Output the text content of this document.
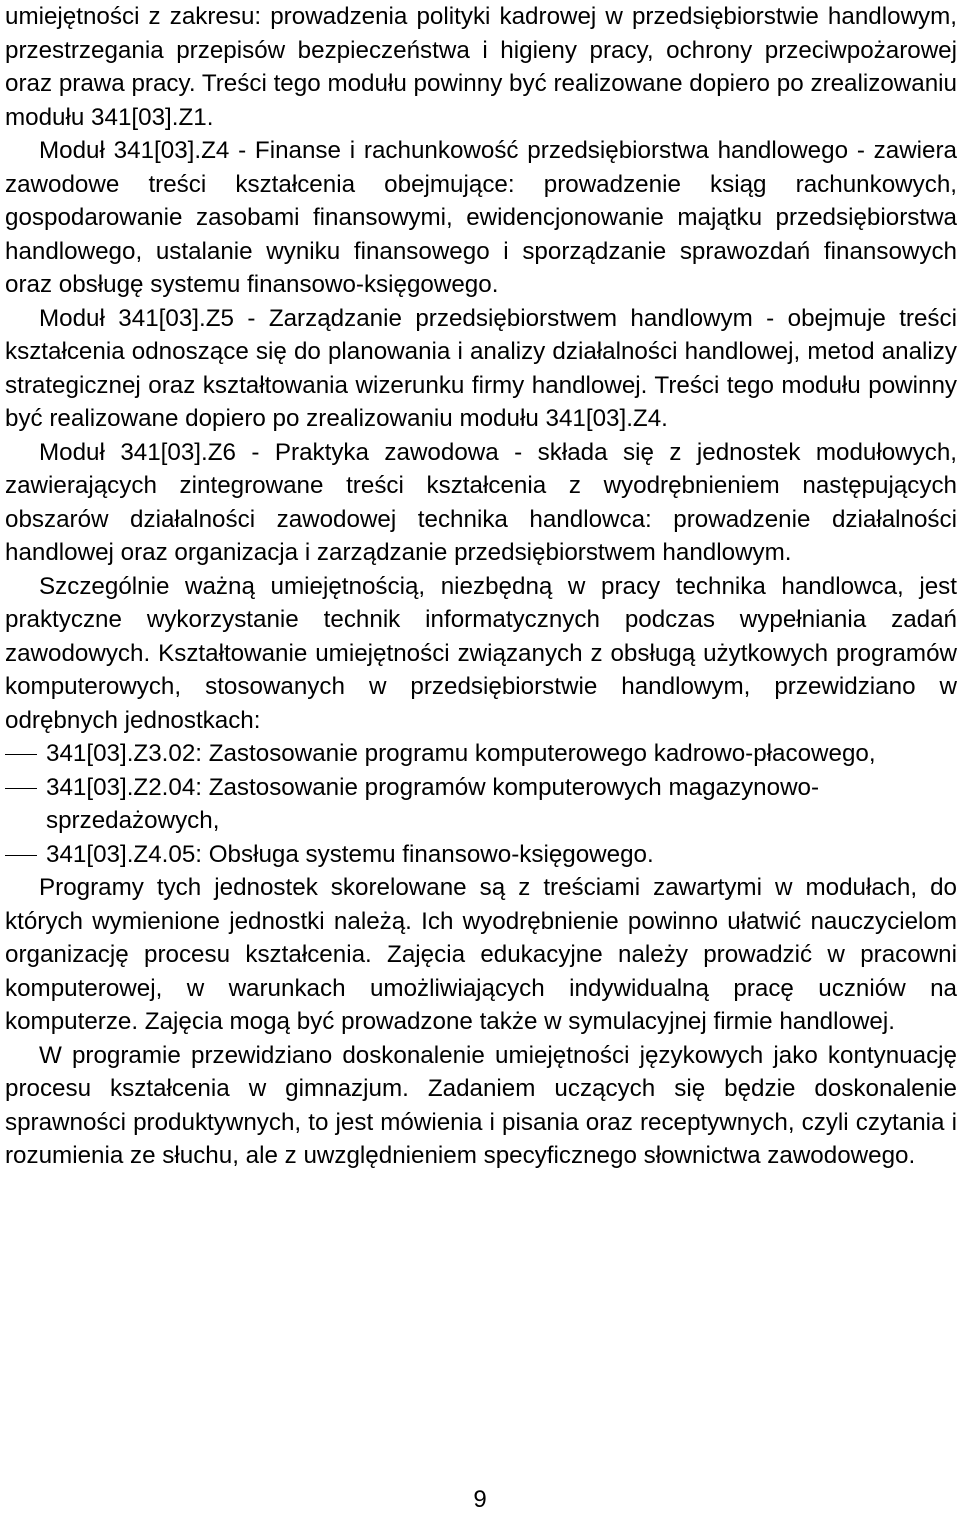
umiejętności z zakresu: prowadzenia polityki kadrowej w przedsiębiorstwie handlowym, przestrzegania przepisów bezpieczeństwa i higieny pracy, ochrony przeciwpożarowej oraz prawa pracy. Treści tego modułu powinny być realizowane dopiero po zrealizowaniu modułu 341[03].Z1.

Moduł 341[03].Z4 - Finanse i rachunkowość przedsiębiorstwa handlowego - zawiera zawodowe treści kształcenia obejmujące: prowadzenie ksiąg rachunkowych, gospodarowanie zasobami finansowymi, ewidencjonowanie majątku przedsiębiorstwa handlowego, ustalanie wyniku finansowego i sporządzanie sprawozdań finansowych oraz obsługę systemu finansowo-księgowego.

Moduł 341[03].Z5 - Zarządzanie przedsiębiorstwem handlowym - obejmuje treści kształcenia odnoszące się do planowania i analizy działalności handlowej, metod analizy strategicznej oraz kształtowania wizerunku firmy handlowej. Treści tego modułu powinny być realizowane dopiero po zrealizowaniu modułu 341[03].Z4.

Moduł 341[03].Z6 - Praktyka zawodowa - składa się z jednostek modułowych, zawierających zintegrowane treści kształcenia z wyodrębnieniem następujących obszarów działalności zawodowej technika handlowca: prowadzenie działalności handlowej oraz organizacja i zarządzanie przedsiębiorstwem handlowym.

Szczególnie ważną umiejętnością, niezbędną w pracy technika handlowca, jest praktyczne wykorzystanie technik informatycznych podczas wypełniania zadań zawodowych. Kształtowanie umiejętności związanych z obsługą użytkowych programów komputerowych, stosowanych w przedsiębiorstwie handlowym, przewidziano w odrębnych jednostkach:

341[03].Z3.02: Zastosowanie programu komputerowego kadrowo-płacowego,
341[03].Z2.04: Zastosowanie programów komputerowych magazynowo-sprzedażowych,
341[03].Z4.05: Obsługa systemu finansowo-księgowego.

Programy tych jednostek skorelowane są z treściami zawartymi w modułach, do których wymienione jednostki należą. Ich wyodrębnienie powinno ułatwić nauczycielom organizację procesu kształcenia. Zajęcia edukacyjne należy prowadzić w pracowni komputerowej, w warunkach umożliwiających indywidualną pracę uczniów na komputerze. Zajęcia mogą być prowadzone także w symulacyjnej firmie handlowej.

W programie przewidziano doskonalenie umiejętności językowych jako kontynuację procesu kształcenia w gimnazjum. Zadaniem uczących się będzie doskonalenie sprawności produktywnych, to jest mówienia i pisania oraz receptywnych, czyli czytania i rozumienia ze słuchu, ale z uwzględnieniem specyficznego słownictwa zawodowego.

9
